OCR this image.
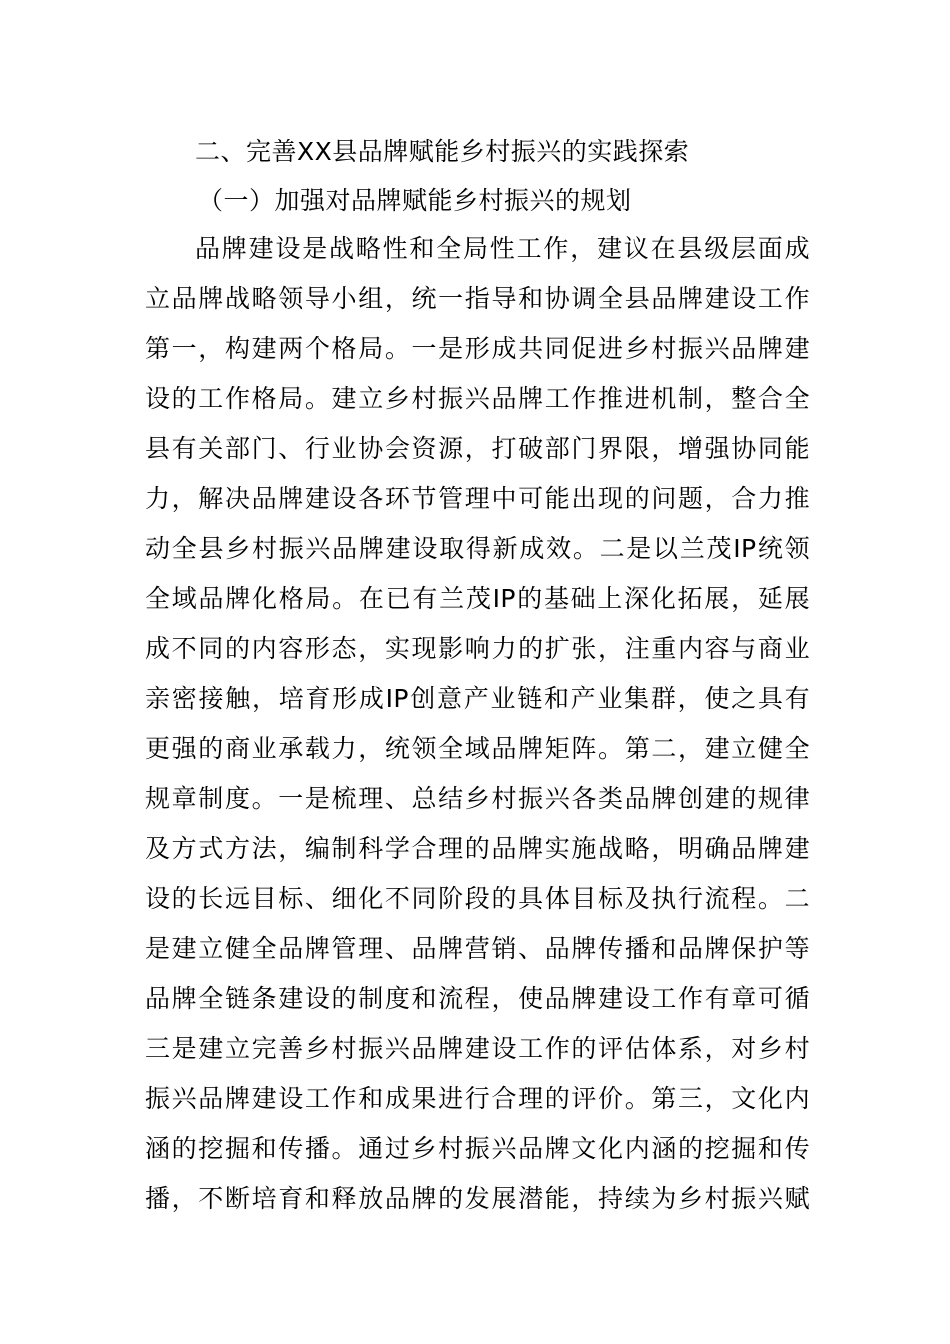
二、完善XX县品牌赋能乡村振兴的实践探索
（一）加强对品牌赋能乡村振兴的规划
品牌建设是战略性和全局性工作，建议在县级层面成
立品牌战略领导小组，统一指导和协调全县品牌建设工作
第一，构建两个格局。一是形成共同促进乡村振兴品牌建
设的工作格局。建立乡村振兴品牌工作推进机制，整合全
县有关部门、行业协会资源，打破部门界限，增强协同能
力，解决品牌建设各环节管理中可能出现的问题，合力推
动全县乡村振兴品牌建设取得新成效。二是以兰茂IP统领
全域品牌化格局。在已有兰茂IP的基础上深化拓展，延展
成不同的内容形态，实现影响力的扩张，注重内容与商业
亲密接触，培育形成IP创意产业链和产业集群，使之具有
更强的商业承载力，统领全域品牌矩阵。第二，建立健全
规章制度。一是梳理、总结乡村振兴各类品牌创建的规律
及方式方法，编制科学合理的品牌实施战略，明确品牌建
设的长远目标、细化不同阶段的具体目标及执行流程。二
是建立健全品牌管理、品牌营销、品牌传播和品牌保护等
品牌全链条建设的制度和流程，使品牌建设工作有章可循
三是建立完善乡村振兴品牌建设工作的评估体系，对乡村
振兴品牌建设工作和成果进行合理的评价。第三，文化内
涵的挖掘和传播。通过乡村振兴品牌文化内涵的挖掘和传
播，不断培育和释放品牌的发展潜能，持续为乡村振兴赋
